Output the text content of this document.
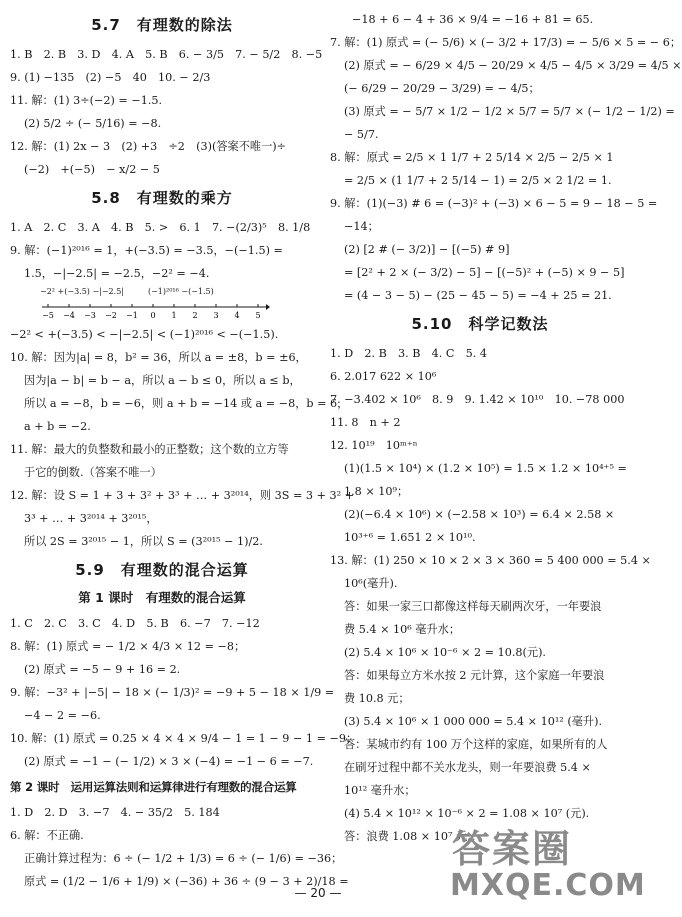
5.7　有理数的除法
1. B　2. B　3. D　4. A　5. B　6. − 3/5　7. − 5/2　8. −5
9. (1) −135　(2) −5　40　10. − 2/3
11. 解：(1) 3÷(−2) = −1.5.
(2) 5/2 ÷ (− 5/16) = −8.
12. 解：(1) 2x − 3　(2) +3　÷2　(3)(答案不唯一)÷
(−2)　+(−5)　− x/2 − 5
5.8　有理数的乘方
1. A　2. C　3. A　4. B　5. >　6. 1　7. −(2/3)⁵　8. 1/8
9. 解：(−1)²⁰¹⁶ = 1，+(−3.5) = −3.5，−(−1.5) =
1.5，−|−2.5| = −2.5，−2² = −4.
−2² +(−3.5) −|−2.5|　　　(−1)²⁰¹⁶ −(−1.5)
−5 −4 −3 −2 −1 0 1 2 3 4 5
−2² < +(−3.5) < −|−2.5| < (−1)²⁰¹⁶ < −(−1.5).
10. 解：因为|a| = 8，b² = 36，所以 a = ±8，b = ±6，
因为|a − b| = b − a，所以 a − b ≤ 0，所以 a ≤ b，
所以 a = −8，b = −6，则 a + b = −14 或 a = −8，b = 6，
a + b = −2.
11. 解：最大的负整数和最小的正整数；这个数的立方等
于它的倒数.（答案不唯一）
12. 解：设 S = 1 + 3 + 3² + 3³ + … + 3²⁰¹⁴，则 3S = 3 + 3² +
3³ + … + 3²⁰¹⁴ + 3²⁰¹⁵，
所以 2S = 3²⁰¹⁵ − 1，所以 S = (3²⁰¹⁵ − 1)/2.
5.9　有理数的混合运算
第 1 课时　有理数的混合运算
1. C　2. C　3. C　4. D　5. B　6. −7　7. −12
8. 解：(1) 原式 = − 1/2 × 4/3 × 12 = −8；
(2) 原式 = −5 − 9 + 16 = 2.
9. 解：−3² + |−5| − 18 × (− 1/3)² = −9 + 5 − 18 × 1/9 =
−4 − 2 = −6.
10. 解：(1) 原式 = 0.25 × 4 × 4 × 9/4 − 1 = 1 − 9 − 1 = −9；
(2) 原式 = −1 − (− 1/2) × 3 × (−4) = −1 − 6 = −7.
第 2 课时　运用运算法则和运算律进行有理数的混合运算
1. D　2. D　3. −7　4. − 35/2　5. 184
6. 解：不正确.
正确计算过程为：6 ÷ (− 1/2 + 1/3) = 6 ÷ (− 1/6) = −36；
原式 = (1/2 − 1/6 + 1/9) × (−36) + 36 ÷ (9 − 3 + 2)/18 =
−18 + 6 − 4 + 36 × 9/4 = −16 + 81 = 65.
7. 解：(1) 原式 = (− 5/6) × (− 3/2 + 17/3) = − 5/6 × 5 = − 6；
(2) 原式 = − 6/29 × 4/5 − 20/29 × 4/5 − 4/5 × 3/29 = 4/5 ×
(− 6/29 − 20/29 − 3/29) = − 4/5；
(3) 原式 = − 5/7 × 1/2 − 1/2 × 5/7 = 5/7 × (− 1/2 − 1/2) =
− 5/7.
8. 解：原式 = 2/5 × 1 1/7 + 2 5/14 × 2/5 − 2/5 × 1
= 2/5 × (1 1/7 + 2 5/14 − 1) = 2/5 × 2 1/2 = 1.
9. 解：(1)(−3) # 6 = (−3)² + (−3) × 6 − 5 = 9 − 18 − 5 =
−14；
(2) [2 # (− 3/2)] − [(−5) # 9]
= [2² + 2 × (− 3/2) − 5] − [(−5)² + (−5) × 9 − 5]
= (4 − 3 − 5) − (25 − 45 − 5) = −4 + 25 = 21.
5.10　科学记数法
1. D　2. B　3. B　4. C　5. 4
6. 2.017 622 × 10⁶
7. −3.402 × 10⁶　8. 9　9. 1.42 × 10¹⁰　10. −78 000
11. 8　n + 2
12. 10¹⁹　10ᵐ⁺ⁿ
(1)(1.5 × 10⁴) × (1.2 × 10⁵) = 1.5 × 1.2 × 10⁴⁺⁵ =
1.8 × 10⁹；
(2)(−6.4 × 10⁶) × (−2.58 × 10³) = 6.4 × 2.58 ×
10³⁺⁶ = 1.651 2 × 10¹⁰.
13. 解：(1) 250 × 10 × 2 × 3 × 360 = 5 400 000 = 5.4 ×
10⁶(毫升).
答：如果一家三口都像这样每天刷两次牙，一年要浪
费 5.4 × 10⁶ 毫升水；
(2) 5.4 × 10⁶ × 10⁻⁶ × 2 = 10.8(元).
答：如果每立方米水按 2 元计算，这个家庭一年要浪
费 10.8 元；
(3) 5.4 × 10⁶ × 1 000 000 = 5.4 × 10¹² (毫升).
答：某城市约有 100 万个这样的家庭，如果所有的人
在刷牙过程中都不关水龙头，则一年要浪费 5.4 ×
10¹² 毫升水；
(4) 5.4 × 10¹² × 10⁻⁶ × 2 = 1.08 × 10⁷ (元).
答：浪费 1.08 × 10⁷ 元.
答案圈
MXQE.COM
— 20 —
